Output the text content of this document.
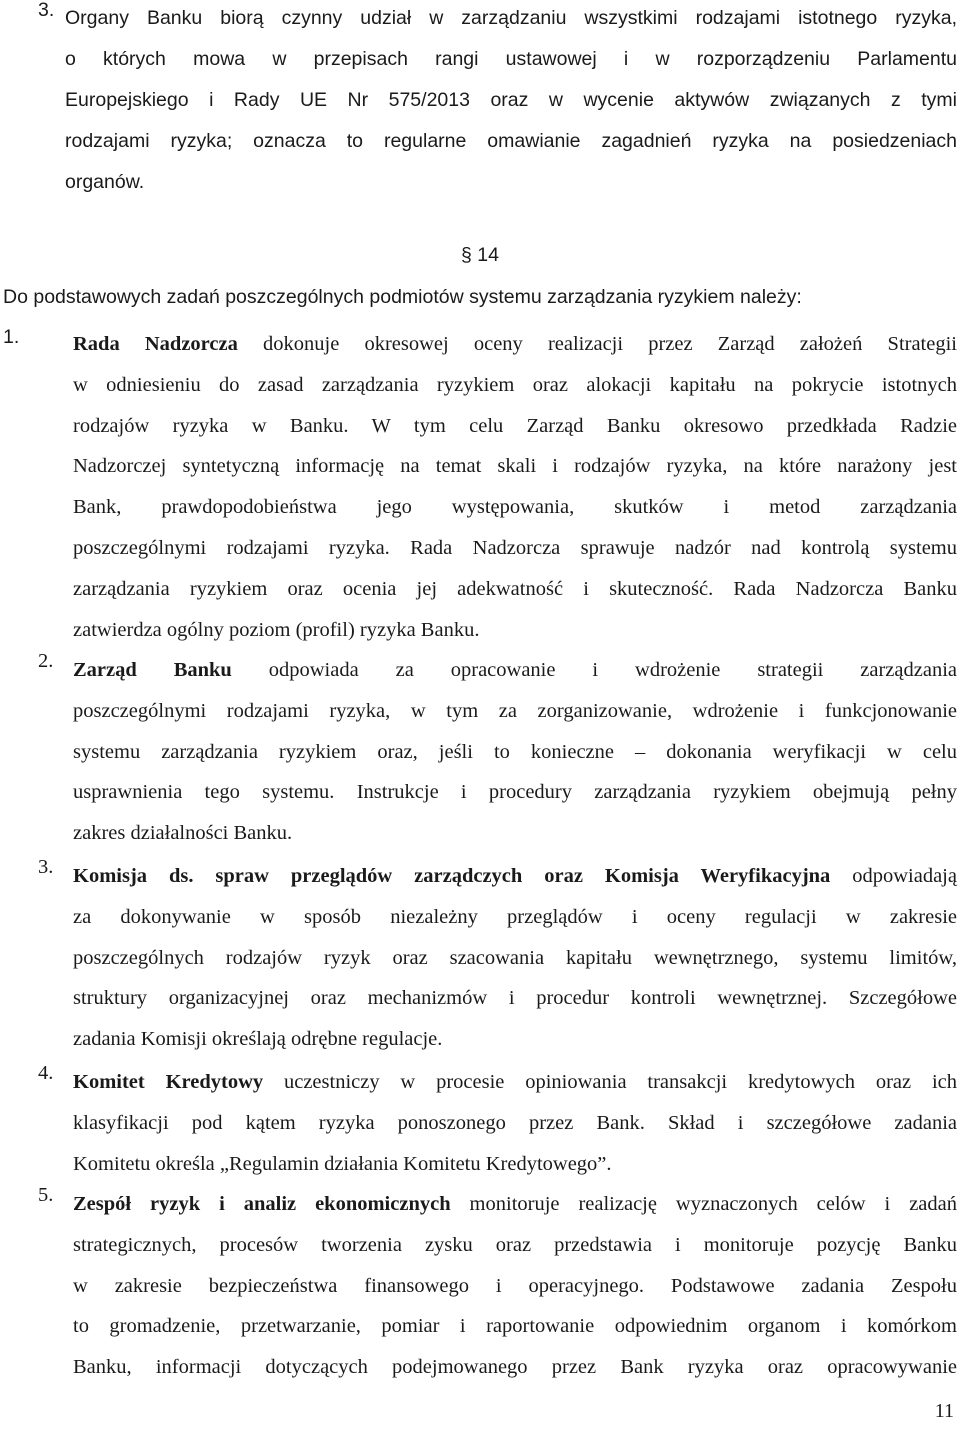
3. Organy Banku biorą czynny udział w zarządzaniu wszystkimi rodzajami istotnego ryzyka,
o których mowa w przepisach rangi ustawowej i w rozporządzeniu Parlamentu
Europejskiego i Rady UE Nr 575/2013 oraz w wycenie aktywów związanych z tymi
rodzajami ryzyka; oznacza to regularne omawianie zagadnień ryzyka na posiedzeniach
organów.
§ 14
Do podstawowych zadań poszczególnych podmiotów systemu zarządzania ryzykiem należy:
1.	Rada Nadzorcza dokonuje okresowej oceny realizacji przez Zarząd założeń Strategii
w odniesieniu do zasad zarządzania ryzykiem oraz alokacji kapitału na pokrycie istotnych
rodzajów ryzyka w Banku. W tym celu Zarząd Banku okresowo przedkłada Radzie
Nadzorczej syntetyczną informację na temat skali i rodzajów ryzyka, na które narażony jest
Bank, prawdopodobieństwa jego występowania, skutków i metod zarządzania
poszczególnymi rodzajami ryzyka. Rada Nadzorcza sprawuje nadzór nad kontrolą systemu
zarządzania ryzykiem oraz ocenia jej adekwatność i skuteczność. Rada Nadzorcza Banku
zatwierdza ogólny poziom (profil) ryzyka Banku.
2. Zarząd Banku odpowiada za opracowanie i wdrożenie strategii zarządzania
poszczególnymi rodzajami ryzyka, w tym za zorganizowanie, wdrożenie i funkcjonowanie
systemu zarządzania ryzykiem oraz, jeśli to konieczne – dokonania weryfikacji w celu
usprawnienia tego systemu. Instrukcje i procedury zarządzania ryzykiem obejmują pełny
zakres działalności Banku.
3. Komisja ds. spraw przeglądów zarządczych oraz Komisja Weryfikacyjna odpowiadają
za dokonywanie w sposób niezależny przeglądów i oceny regulacji w zakresie
poszczególnych rodzajów ryzyk oraz szacowania kapitału wewnętrznego, systemu limitów,
struktury organizacyjnej oraz mechanizmów i procedur kontroli wewnętrznej. Szczegółowe
zadania Komisji określają odrębne regulacje.
4. Komitet Kredytowy uczestniczy w procesie opiniowania transakcji kredytowych oraz ich
klasyfikacji pod kątem ryzyka ponoszonego przez Bank. Skład i szczegółowe zadania
Komitetu określa „Regulamin działania Komitetu Kredytowego”.
5. Zespół ryzyk i analiz ekonomicznych monitoruje realizację wyznaczonych celów i zadań
strategicznych, procesów tworzenia zysku oraz przedstawia i monitoruje pozycję Banku
w zakresie bezpieczeństwa finansowego i operacyjnego. Podstawowe zadania Zespołu
to gromadzenie, przetwarzanie, pomiar i raportowanie odpowiednim organom i komórkom
Banku, informacji dotyczących podejmowanego przez Bank ryzyka oraz opracowywanie
11
